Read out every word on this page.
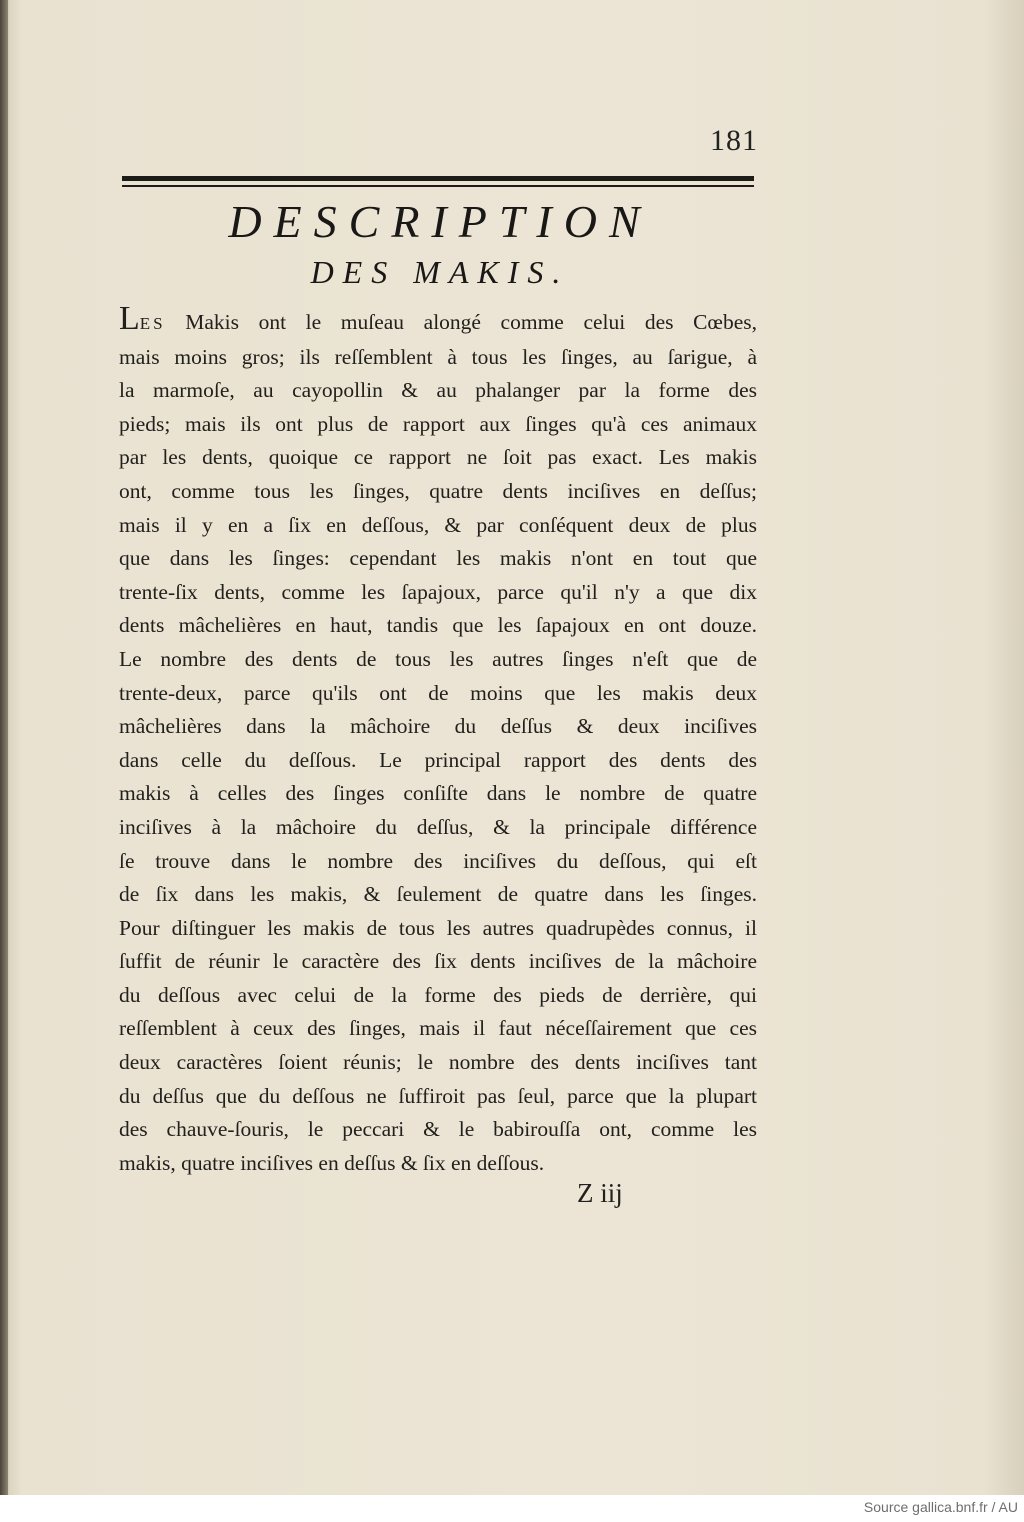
181
DESCRIPTION
DES MAKIS.
LES Makis ont le muſeau alongé comme celui des Cœbes,
mais moins gros; ils reſſemblent à tous les ſinges, au ſarigue, à
la marmoſe, au cayopollin & au phalanger par la forme des
pieds; mais ils ont plus de rapport aux ſinges qu'à ces animaux
par les dents, quoique ce rapport ne ſoit pas exact. Les makis
ont, comme tous les ſinges, quatre dents inciſives en deſſus;
mais il y en a ſix en deſſous, & par conſéquent deux de plus
que dans les ſinges: cependant les makis n'ont en tout que
trente-ſix dents, comme les ſapajoux, parce qu'il n'y a que dix
dents mâchelières en haut, tandis que les ſapajoux en ont douze.
Le nombre des dents de tous les autres ſinges n'eſt que de
trente-deux, parce qu'ils ont de moins que les makis deux
mâchelières dans la mâchoire du deſſus & deux inciſives
dans celle du deſſous. Le principal rapport des dents des
makis à celles des ſinges conſiſte dans le nombre de quatre
inciſives à la mâchoire du deſſus, & la principale différence
ſe trouve dans le nombre des inciſives du deſſous, qui eſt
de ſix dans les makis, & ſeulement de quatre dans les ſinges.
Pour diſtinguer les makis de tous les autres quadrupèdes connus, il
ſuffit de réunir le caractère des ſix dents inciſives de la mâchoire
du deſſous avec celui de la forme des pieds de derrière, qui
reſſemblent à ceux des ſinges, mais il faut néceſſairement que ces
deux caractères ſoient réunis; le nombre des dents inciſives tant
du deſſus que du deſſous ne ſuffiroit pas ſeul, parce que la plupart
des chauve-ſouris, le peccari & le babirouſſa ont, comme les
makis, quatre inciſives en deſſus & ſix en deſſous.
Z iij
Source gallica.bnf.fr / AU
